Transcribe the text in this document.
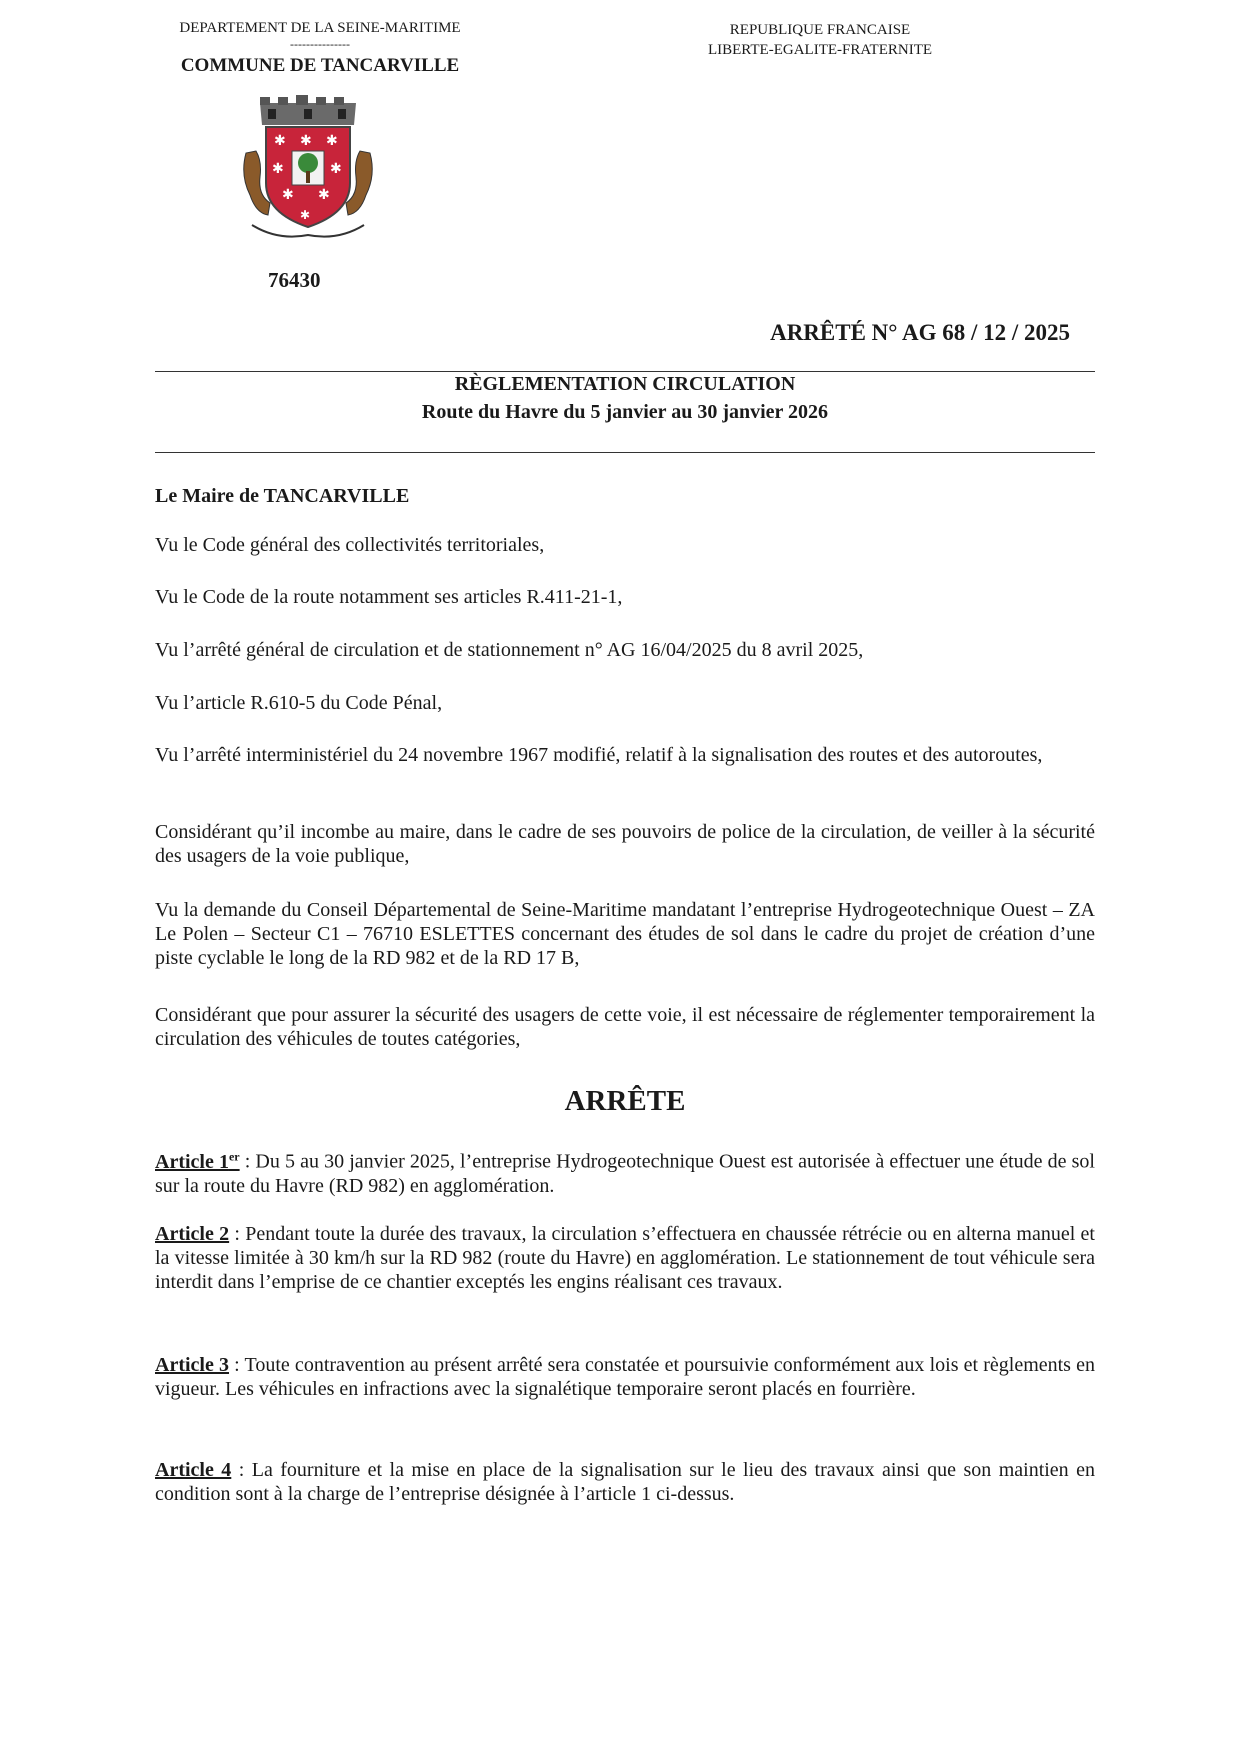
DEPARTEMENT DE LA SEINE-MARITIME
---------------
COMMUNE DE TANCARVILLE
REPUBLIQUE FRANCAISE
LIBERTE-EGALITE-FRATERNITE
✱ ✱ ✱
✱	✱
✱ ✱
✱
76430
ARRÊTÉ N° AG 68 / 12 / 2025
RÈGLEMENTATION CIRCULATION
Route du Havre du 5 janvier au 30 janvier 2026
Le Maire de TANCARVILLE
Vu le Code général des collectivités territoriales,
Vu le Code de la route notamment ses articles R.411-21-1,
Vu l’arrêté général de circulation et de stationnement n° AG 16/04/2025 du 8 avril 2025,
Vu l’article R.610-5 du Code Pénal,
Vu l’arrêté interministériel du 24 novembre 1967 modifié, relatif à la signalisation des routes et des autoroutes,
Considérant qu’il incombe au maire, dans le cadre de ses pouvoirs de police de la circulation, de veiller à la sécurité des usagers de la voie publique,
Vu la demande du Conseil Départemental de Seine-Maritime mandatant l’entreprise Hydrogeotechnique Ouest – ZA Le Polen – Secteur C1 – 76710 ESLETTES concernant des études de sol dans le cadre du projet de création d’une piste cyclable le long de la RD 982 et de la RD 17 B,
Considérant que pour assurer la sécurité des usagers de cette voie, il est nécessaire de réglementer temporairement la circulation des véhicules de toutes catégories,
ARRÊTE
Article 1er : Du 5 au 30 janvier 2025, l’entreprise Hydrogeotechnique Ouest est autorisée à effectuer une étude de sol sur la route du Havre (RD 982) en agglomération.
Article 2 : Pendant toute la durée des travaux, la circulation s’effectuera en chaussée rétrécie ou en alterna manuel et la vitesse limitée à 30 km/h sur la RD 982 (route du Havre) en agglomération. Le stationnement de tout véhicule sera interdit dans l’emprise de ce chantier exceptés les engins réalisant ces travaux.
Article 3 : Toute contravention au présent arrêté sera constatée et poursuivie conformément aux lois et règlements en vigueur. Les véhicules en infractions avec la signalétique temporaire seront placés en fourrière.
Article 4 : La fourniture et la mise en place de la signalisation sur le lieu des travaux ainsi que son maintien en condition sont à la charge de l’entreprise désignée à l’article 1 ci-dessus.
